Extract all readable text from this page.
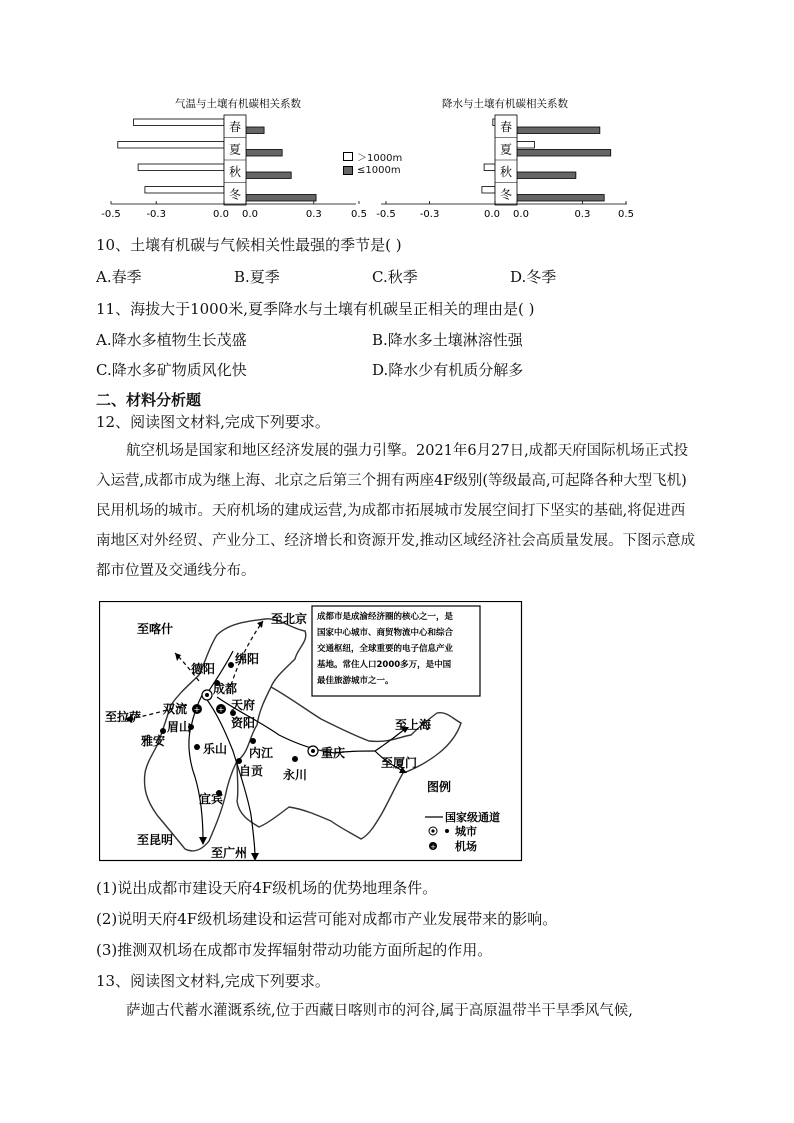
气温与土壤有机碳相关系数
春
夏
秋
冬
-0.5	-0.3	0.0 0.0	0.3	0.5
＞1000m
≤1000m
降水与土壤有机碳相关系数
春
夏
秋
冬
-0.5 -0.3	0.0 0.0	0.3	0.5
10、土壤有机碳与气候相关性最强的季节是( )
A.春季	B.夏季	C.秋季	D.冬季
11、海拔大于1000米,夏季降水与土壤有机碳呈正相关的理由是( )
A.降水多植物生长茂盛	B.降水多土壤淋溶性强
C.降水多矿物质风化快	D.降水少有机质分解多
二、材料分析题
12、阅读图文材料,完成下列要求。
航空机场是国家和地区经济发展的强力引擎。2021年6月27日,成都天府国际机场正式投入运营,成都市成为继上海、北京之后第三个拥有两座4F级别(等级最高,可起降各种大型飞机)民用机场的城市。天府机场的建成运营,为成都市拓展城市发展空间打下坚实的基础,将促进西南地区对外经贸、产业分工、经济增长和资源开发,推动区域经济社会高质量发展。下图示意成都市位置及交通线分布。
+ +
至北京
至喀什
德阳
绵阳
成都
天府
双流
资阳
至拉萨
眉山
雅安
乐山 内江
自贡
宜宾
重庆
永川
至上海
至厦门
至昆明
至广州
成都市是成渝经济圈的核心之一，是
国家中心城市、商贸物流中心和综合
交通枢纽，全球重要的电子信息产业
基地。常住人口2000多万，是中国
最佳旅游城市之一。
图例
国家级通道
城市
+ 机场
(1)说出成都市建设天府4F级机场的优势地理条件。
(2)说明天府4F级机场建设和运营可能对成都市产业发展带来的影响。
(3)推测双机场在成都市发挥辐射带动功能方面所起的作用。
13、阅读图文材料,完成下列要求。
萨迦古代蓄水灌溉系统,位于西藏日喀则市的河谷,属于高原温带半干旱季风气候,
